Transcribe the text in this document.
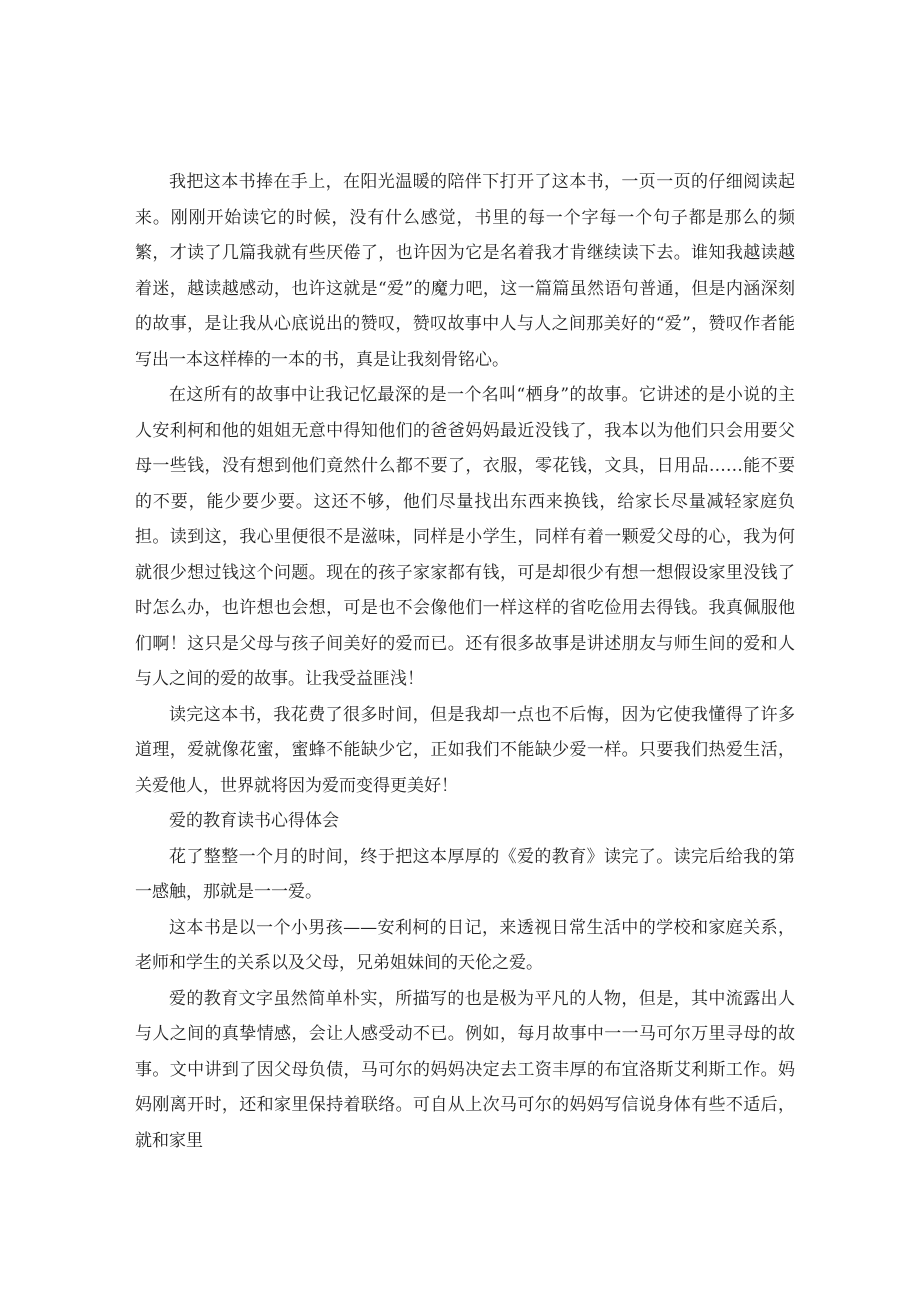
我把这本书捧在手上，在阳光温暖的陪伴下打开了这本书，一页一页的仔细阅读起来。刚刚开始读它的时候，没有什么感觉，书里的每一个字每一个句子都是那么的频繁，才读了几篇我就有些厌倦了，也许因为它是名着我才肯继续读下去。谁知我越读越着迷，越读越感动，也许这就是“爱”的魔力吧，这一篇篇虽然语句普通，但是内涵深刻的故事，是让我从心底说出的赞叹，赞叹故事中人与人之间那美好的“爱”，赞叹作者能写出一本这样棒的一本的书，真是让我刻骨铭心。

在这所有的故事中让我记忆最深的是一个名叫“栖身”的故事。它讲述的是小说的主人安利柯和他的姐姐无意中得知他们的爸爸妈妈最近没钱了，我本以为他们只会用要父母一些钱，没有想到他们竟然什么都不要了，衣服，零花钱，文具，日用品……能不要的不要，能少要少要。这还不够，他们尽量找出东西来换钱，给家长尽量减轻家庭负担。读到这，我心里便很不是滋味，同样是小学生，同样有着一颗爱父母的心，我为何就很少想过钱这个问题。现在的孩子家家都有钱，可是却很少有想一想假设家里没钱了时怎么办，也许想也会想，可是也不会像他们一样这样的省吃俭用去得钱。我真佩服他们啊！这只是父母与孩子间美好的爱而已。还有很多故事是讲述朋友与师生间的爱和人与人之间的爱的故事。让我受益匪浅！

读完这本书，我花费了很多时间，但是我却一点也不后悔，因为它使我懂得了许多道理，爱就像花蜜，蜜蜂不能缺少它，正如我们不能缺少爱一样。只要我们热爱生活，关爱他人，世界就将因为爱而变得更美好！

爱的教育读书心得体会

花了整整一个月的时间，终于把这本厚厚的《爱的教育》读完了。读完后给我的第一感触，那就是一一爱。

这本书是以一个小男孩——安利柯的日记，来透视日常生活中的学校和家庭关系，老师和学生的关系以及父母，兄弟姐妹间的天伦之爱。

爱的教育文字虽然简单朴实，所描写的也是极为平凡的人物，但是，其中流露出人与人之间的真挚情感，会让人感受动不已。例如，每月故事中一一马可尔万里寻母的故事。文中讲到了因父母负债，马可尔的妈妈决定去工资丰厚的布宜洛斯艾利斯工作。妈妈刚离开时，还和家里保持着联络。可自从上次马可尔的妈妈写信说身体有些不适后，就和家里
